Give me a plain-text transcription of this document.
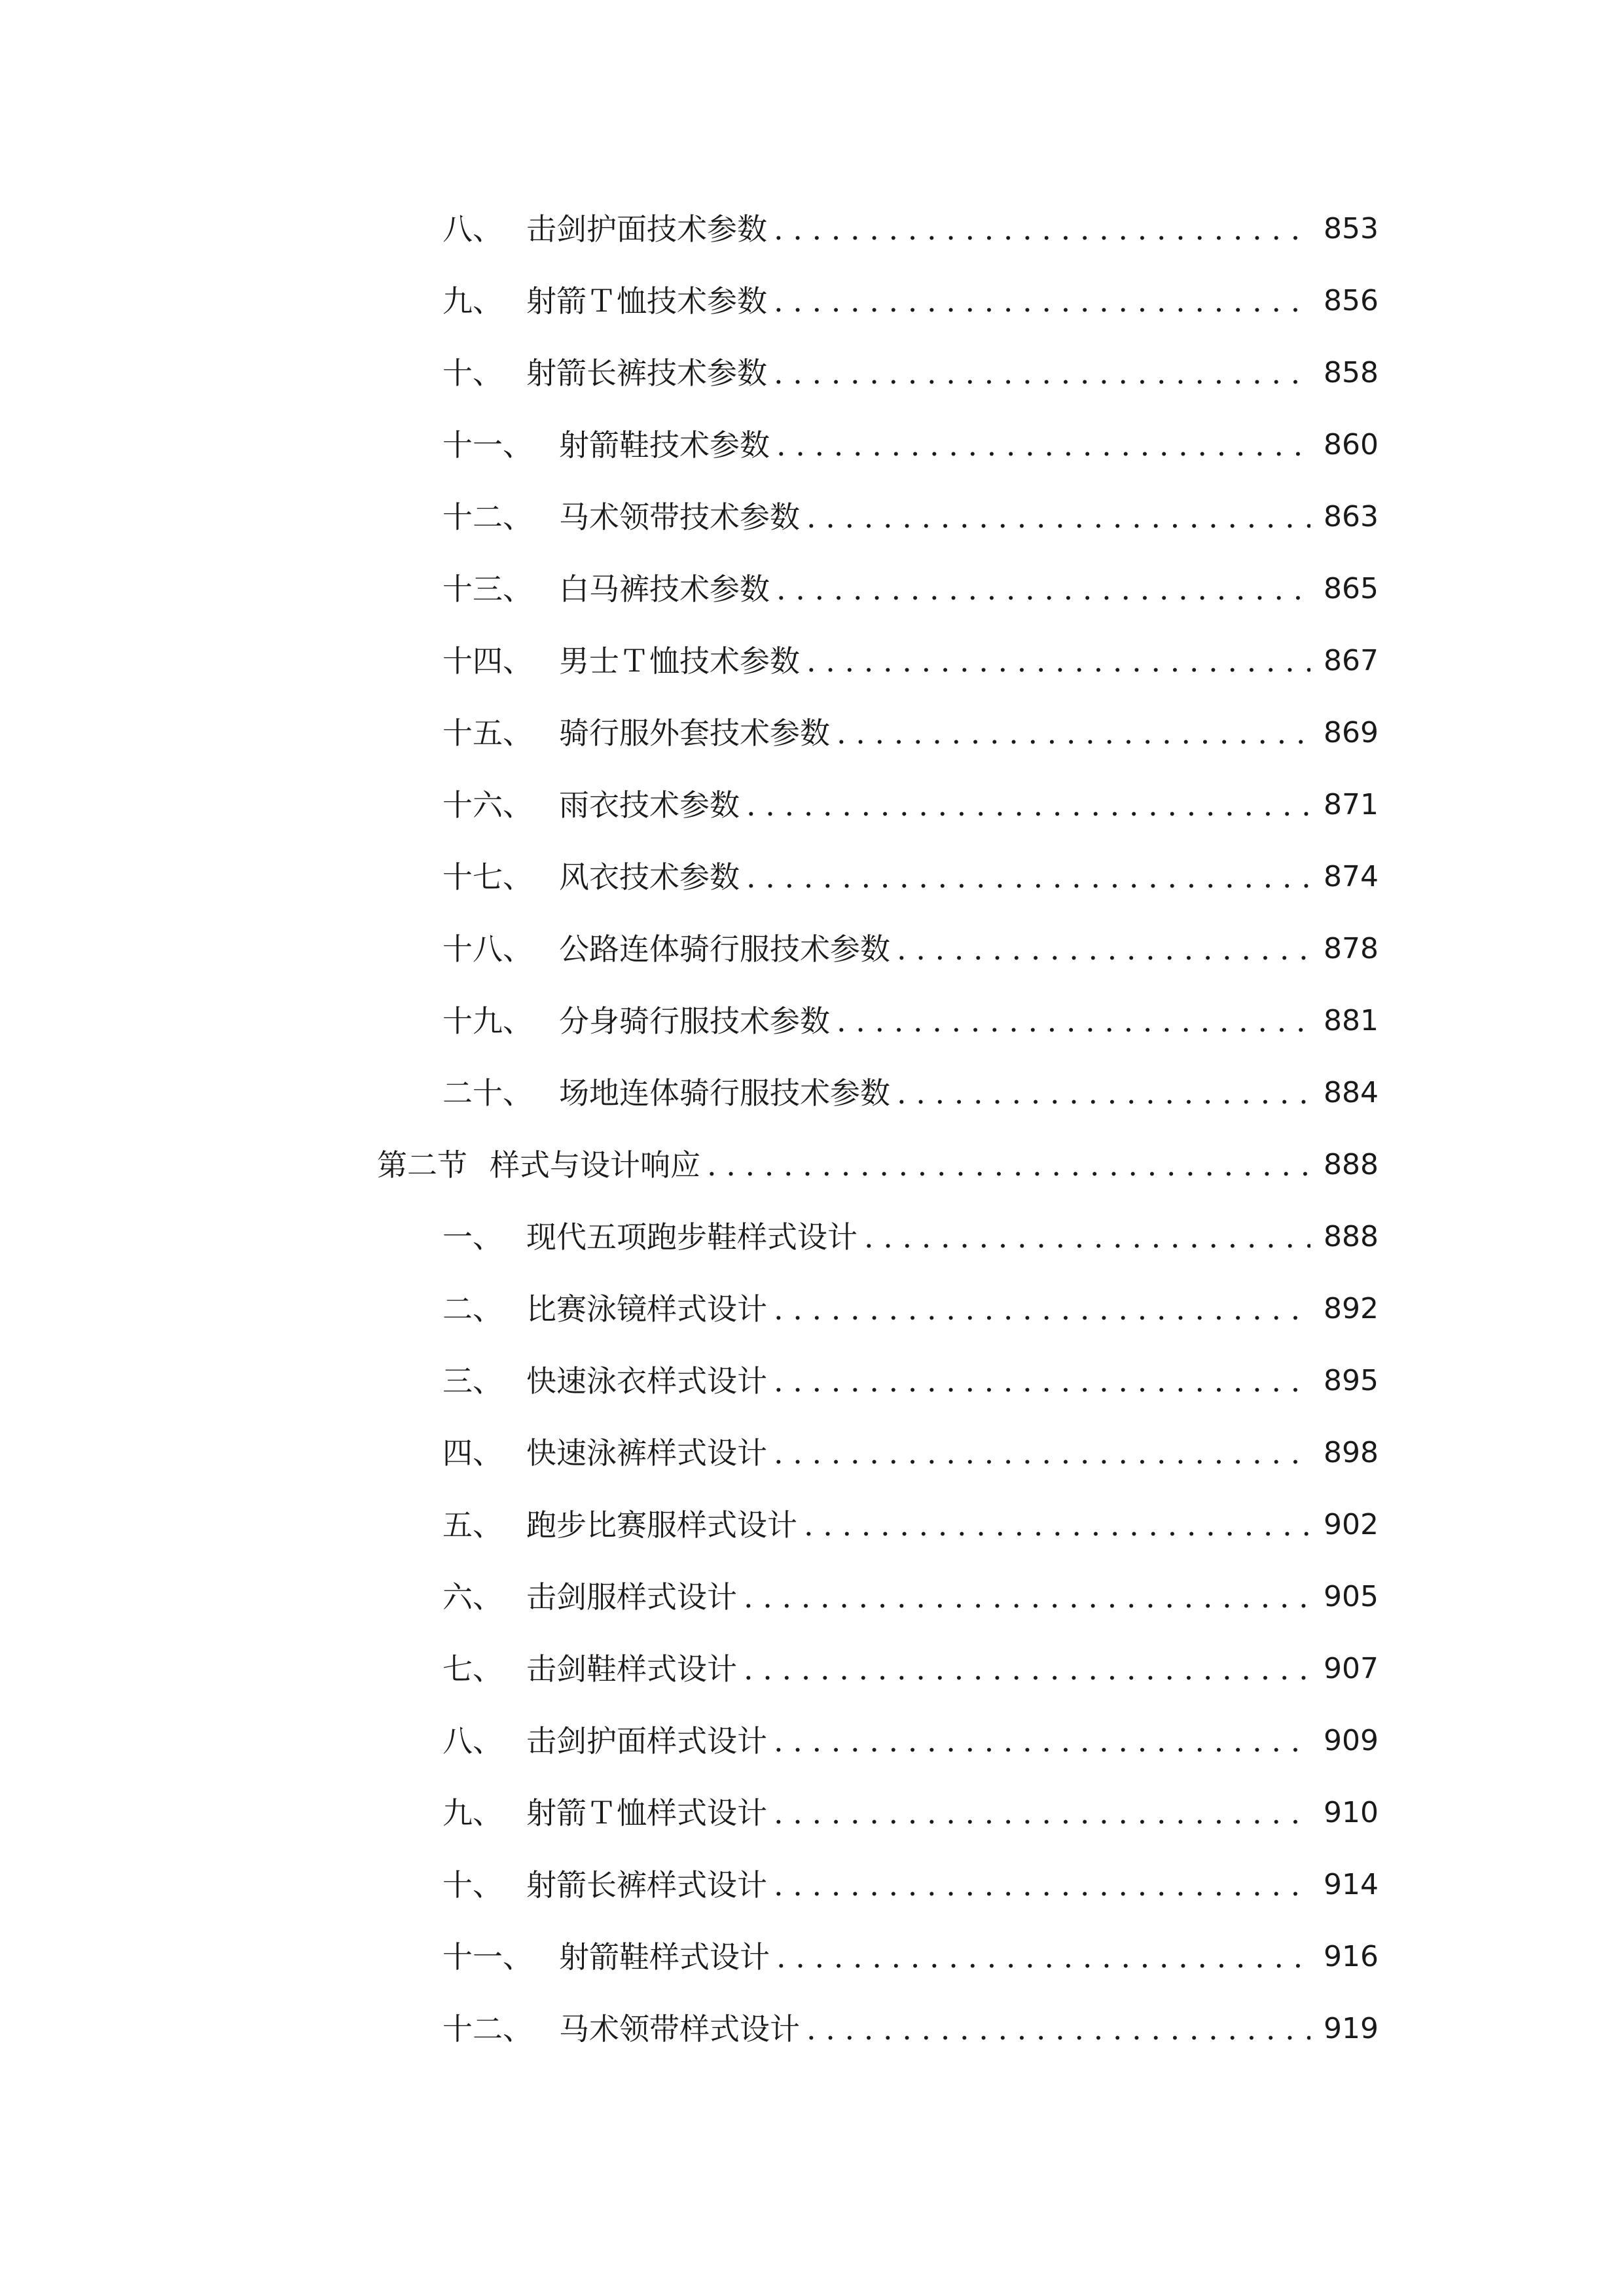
八、 击剑护面技术参数 . . .	853
九、 射箭Ｔ恤技术参数 . . .	856
十、 射箭长裤技术参数 . . .	858
十一、 射箭鞋技术参数 . . .	860
十二、 马术领带技术参数 . . .	863
十三、 白马裤技术参数 . . .	865
十四、 男士Ｔ恤技术参数 . . .	867
十五、 骑行服外套技术参数 . . .	869
十六、 雨衣技术参数 . . .	871
十七、 风衣技术参数 . . .	874
十八、 公路连体骑行服技术参数 . . .	878
十九、 分身骑行服技术参数 . . .	881
二十、 场地连体骑行服技术参数 . . .	884
第二节 样式与设计响应 . . .	888
一、 现代五项跑步鞋样式设计 . . .	888
二、 比赛泳镜样式设计 . . .	892
三、 快速泳衣样式设计 . . .	895
四、 快速泳裤样式设计 . . .	898
五、 跑步比赛服样式设计 . . .	902
六、 击剑服样式设计 . . .	905
七、 击剑鞋样式设计 . . .	907
八、 击剑护面样式设计 . . .	909
九、 射箭Ｔ恤样式设计 . . .	910
十、 射箭长裤样式设计 . . .	914
十一、 射箭鞋样式设计 . . .	916
十二、 马术领带样式设计 . . .	919
